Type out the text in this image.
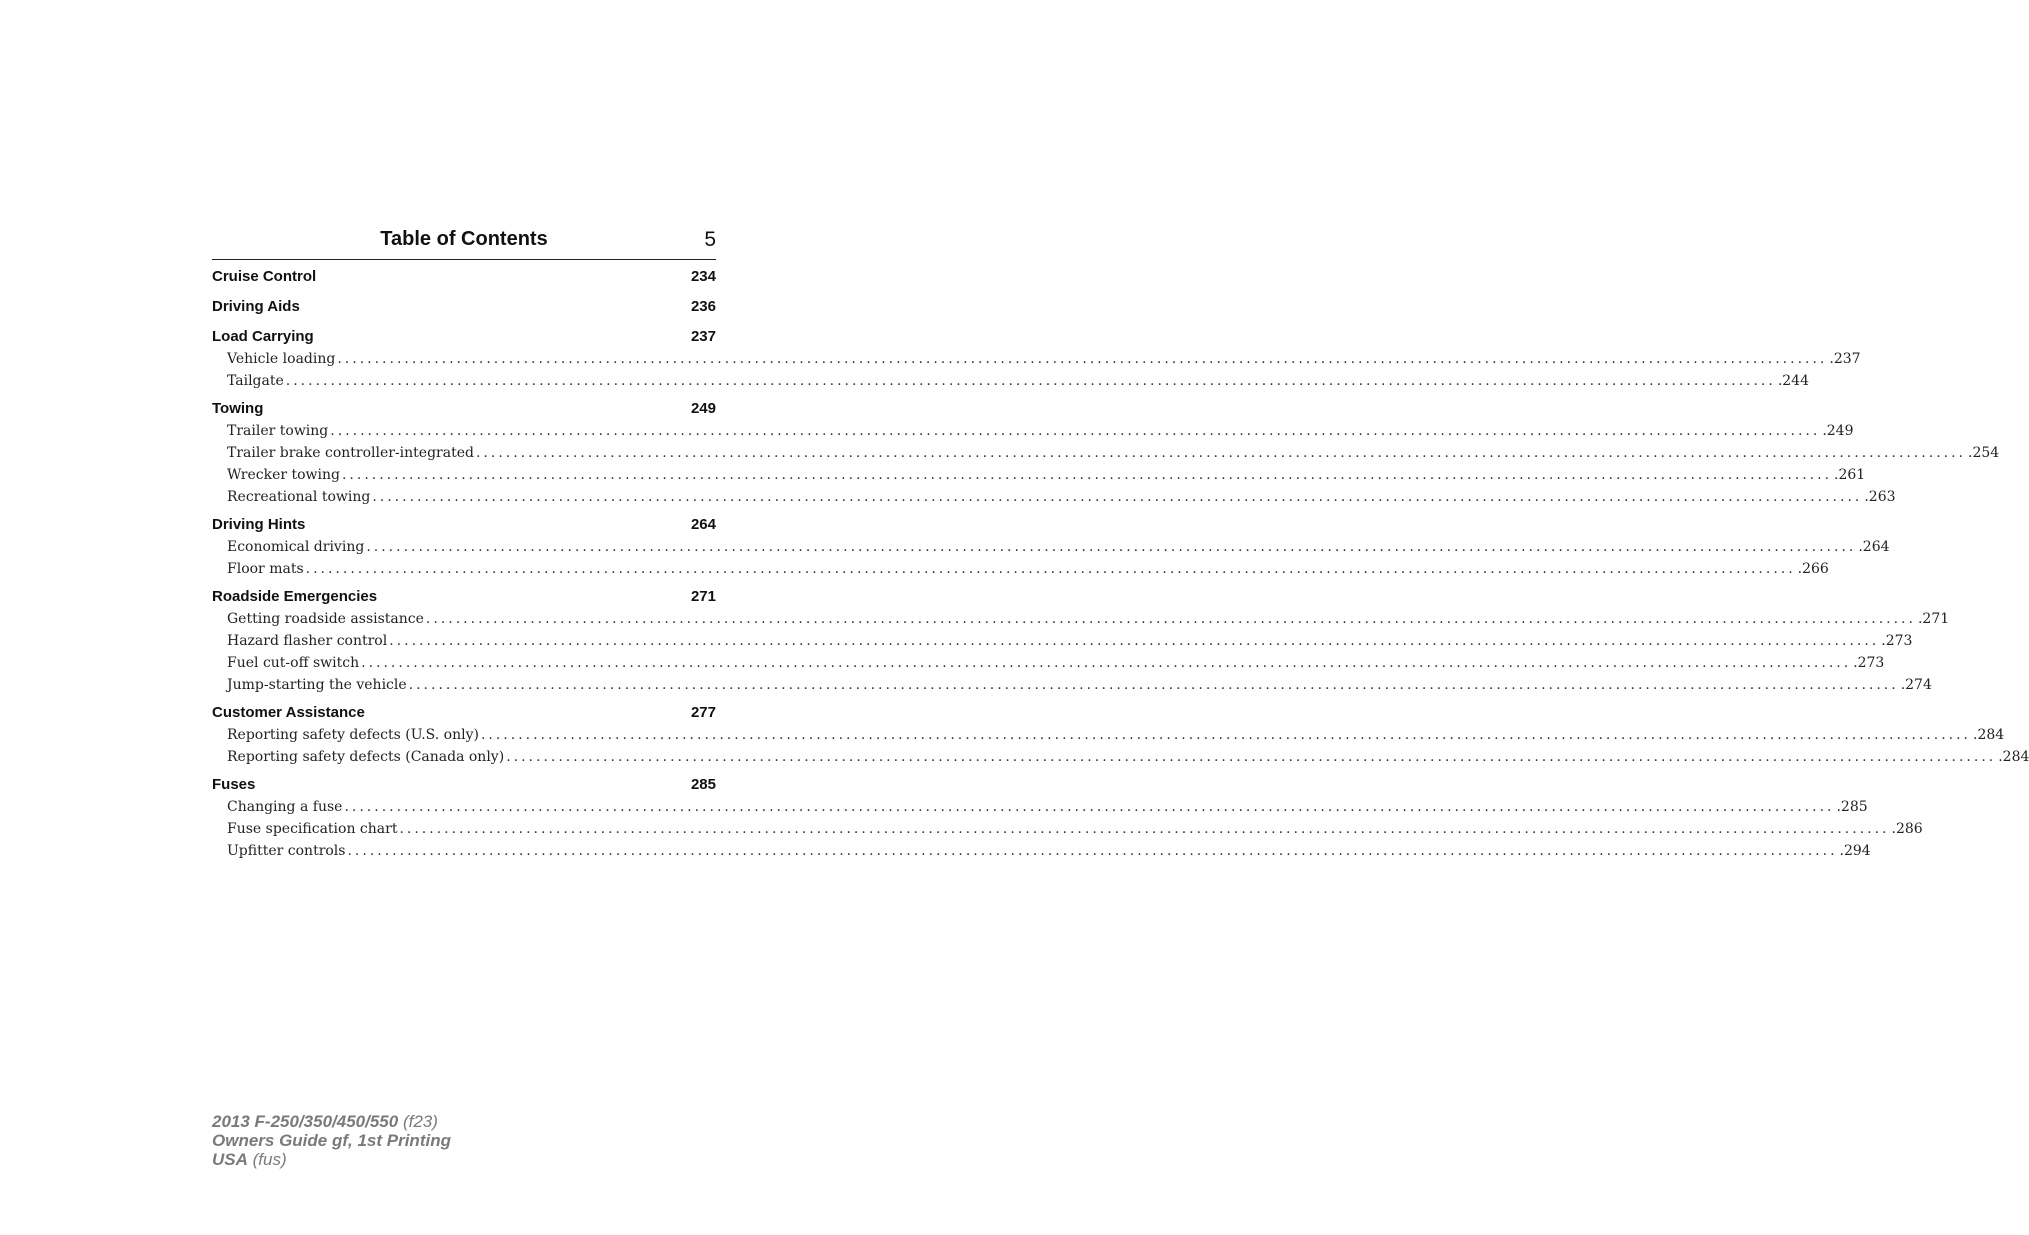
Table of Contents	5
Cruise Control	234
Driving Aids	236
Load Carrying	237
Vehicle loading ........................................................................................................................................................................................................ .237
Tailgate ........................................................................................................................................................................................................ .244
Towing	249
Trailer towing ........................................................................................................................................................................................................ .249
Trailer brake controller-integrated ........................................................................................................................................................................................................ .254
Wrecker towing ........................................................................................................................................................................................................ .261
Recreational towing ........................................................................................................................................................................................................ .263
Driving Hints	264
Economical driving ........................................................................................................................................................................................................ .264
Floor mats ........................................................................................................................................................................................................ .266
Roadside Emergencies	271
Getting roadside assistance ........................................................................................................................................................................................................ .271
Hazard flasher control ........................................................................................................................................................................................................ .273
Fuel cut-off switch ........................................................................................................................................................................................................ .273
Jump-starting the vehicle ........................................................................................................................................................................................................ .274
Customer Assistance	277
Reporting safety defects (U.S. only) ........................................................................................................................................................................................................ .284
Reporting safety defects (Canada only) ........................................................................................................................................................................................................ .284
Fuses	285
Changing a fuse ........................................................................................................................................................................................................ .285
Fuse specification chart ........................................................................................................................................................................................................ .286
Upfitter controls ........................................................................................................................................................................................................ .294
2013 F-250/350/450/550 (f23)
Owners Guide gf, 1st Printing
USA (fus)
